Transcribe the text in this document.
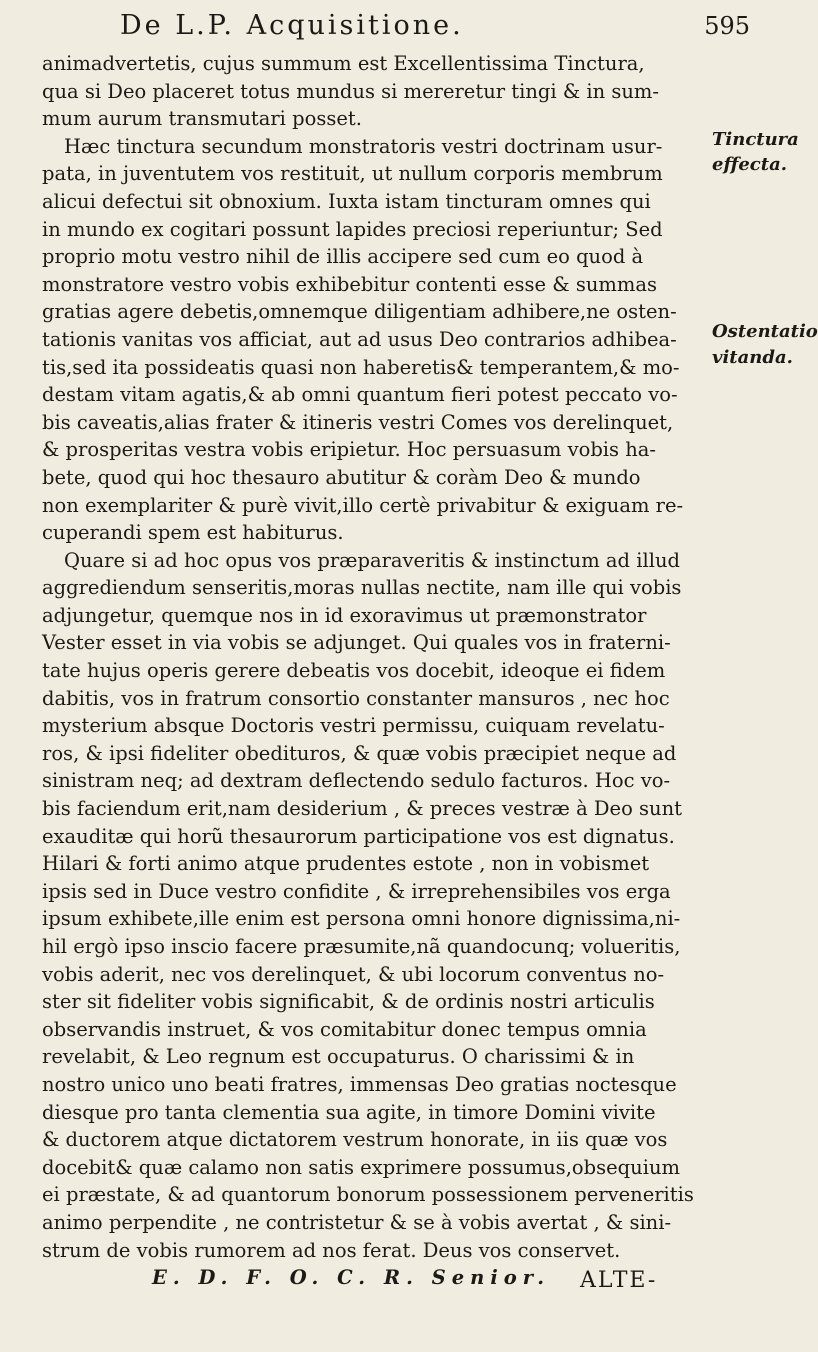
De L.P. Acquisitione.	595
animadvertetis, cujus summum est Excellentissima Tinctura,
qua si Deo placeret totus mundus si mereretur tingi & in sum-
mum aurum transmutari posset.
Hæc tinctura secundum monstratoris vestri doctrinam usur-
pata, in juventutem vos restituit, ut nullum corporis membrum
alicui defectui sit obnoxium. Iuxta istam tincturam omnes qui
in mundo ex cogitari possunt lapides preciosi reperiuntur; Sed
proprio motu vestro nihil de illis accipere sed cum eo quod à
monstratore vestro vobis exhibebitur contenti esse & summas
gratias agere debetis,omnemque diligentiam adhibere,ne osten-
tationis vanitas vos afficiat, aut ad usus Deo contrarios adhibea-
tis,sed ita possideatis quasi non haberetis& temperantem,& mo-
destam vitam agatis,& ab omni quantum fieri potest peccato vo-
bis caveatis,alias frater & itineris vestri Comes vos derelinquet,
& prosperitas vestra vobis eripietur. Hoc persuasum vobis ha-
bete, quod qui hoc thesauro abutitur & coràm Deo & mundo
non exemplariter & purè vivit,illo certè privabitur & exiguam re-
cuperandi spem est habiturus.
Quare si ad hoc opus vos præparaveritis & instinctum ad illud
aggrediendum senseritis,moras nullas nectite, nam ille qui vobis
adjungetur, quemque nos in id exoravimus ut præmonstrator
Vester esset in via vobis se adjunget. Qui quales vos in fraterni-
tate hujus operis gerere debeatis vos docebit, ideoque ei fidem
dabitis, vos in fratrum consortio constanter mansuros , nec hoc
mysterium absque Doctoris vestri permissu, cuiquam revelatu-
ros, & ipsi fideliter obedituros, & quæ vobis præcipiet neque ad
sinistram neq; ad dextram deflectendo sedulo facturos. Hoc vo-
bis faciendum erit,nam desiderium , & preces vestræ à Deo sunt
exauditæ qui horũ thesaurorum participatione vos est dignatus.
Hilari & forti animo atque prudentes estote , non in vobismet
ipsis sed in Duce vestro confidite , & irreprehensibiles vos erga
ipsum exhibete,ille enim est persona omni honore dignissima,ni-
hil ergò ipso inscio facere præsumite,nã quandocunq; volueritis,
vobis aderit, nec vos derelinquet, & ubi locorum conventus no-
ster sit fideliter vobis significabit, & de ordinis nostri articulis
observandis instruet, & vos comitabitur donec tempus omnia
revelabit, & Leo regnum est occupaturus. O charissimi & in
nostro unico uno beati fratres, immensas Deo gratias noctesque
diesque pro tanta clementia sua agite, in timore Domini vivite
& ductorem atque dictatorem vestrum honorate, in iis quæ vos
docebit& quæ calamo non satis exprimere possumus,obsequium
ei præstate, & ad quantorum bonorum possessionem perveneritis
animo perpendite , ne contristetur & se à vobis avertat , & sini-
strum de vobis rumorem ad nos ferat. Deus vos conservet.
E. D. F. O. C. R. Senior.	ALTE-
Tinctura
effecta.
Ostentatio
vitanda.
